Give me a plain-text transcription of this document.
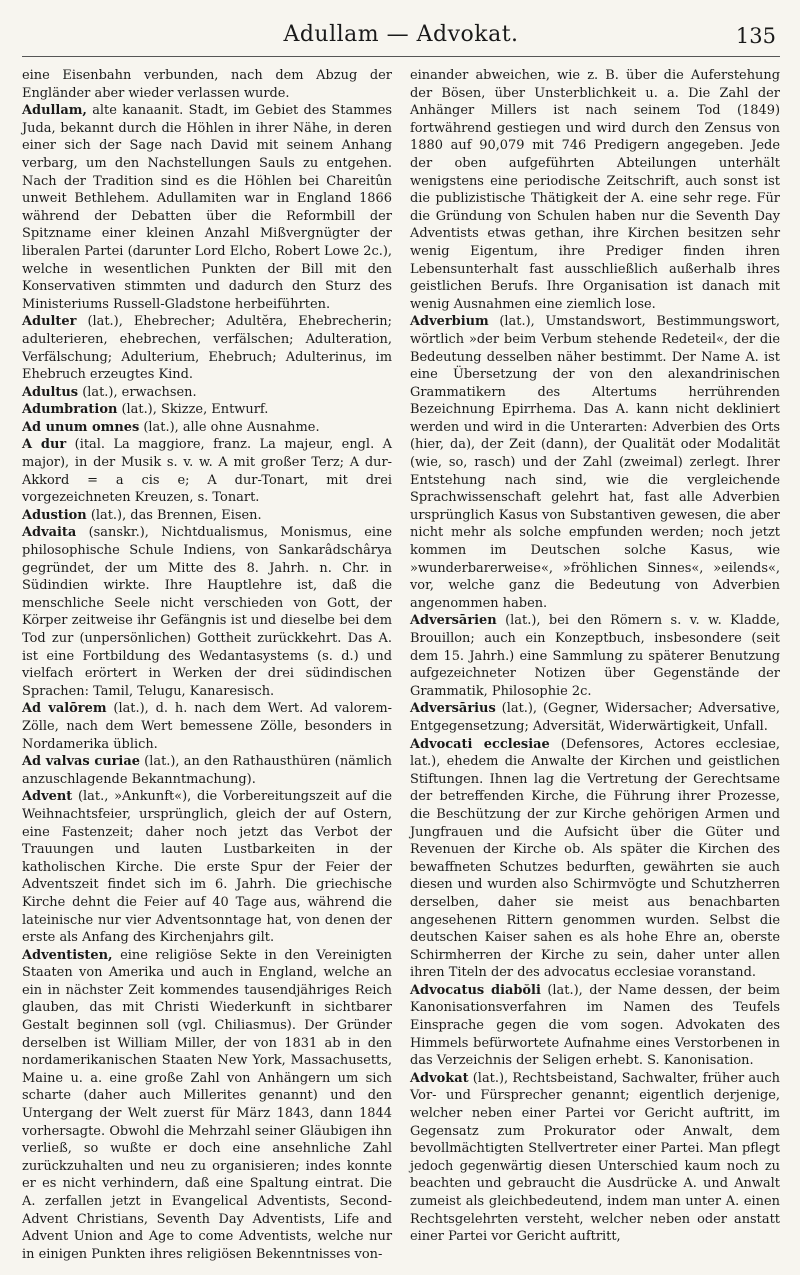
Adullam — Advokat.	135

eine Eisenbahn verbunden, nach dem Abzug der Engländer aber wieder verlassen wurde.

Adullam, alte kanaanit. Stadt, im Gebiet des Stammes Juda, bekannt durch die Höhlen in ihrer Nähe, in deren einer sich der Sage nach David mit seinem Anhang verbarg, um den Nachstellungen Sauls zu entgehen. Nach der Tradition sind es die Höhlen bei Chareitûn unweit Bethlehem. Adullamiten war in England 1866 während der Debatten über die Reformbill der Spitzname einer kleinen Anzahl Mißvergnügter der liberalen Partei (darunter Lord Elcho, Robert Lowe 2c.), welche in wesentlichen Punkten der Bill mit den Konservativen stimmten und dadurch den Sturz des Ministeriums Russell-Gladstone herbeiführten.

Adulter (lat.), Ehebrecher; Adultĕra, Ehebrecherin; adulterieren, ehebrechen, verfälschen; Adulteration, Verfälschung; Adulterium, Ehebruch; Adulterinus, im Ehebruch erzeugtes Kind.

Adultus (lat.), erwachsen.

Adumbration (lat.), Skizze, Entwurf.

Ad unum omnes (lat.), alle ohne Ausnahme.

A dur (ital. La maggiore, franz. La majeur, engl. A major), in der Musik s. v. w. A mit großer Terz; A dur-Akkord = a cis e; A dur-Tonart, mit drei vorgezeichneten Kreuzen, s. Tonart.

Adustion (lat.), das Brennen, Eisen.

Advaita (sanskr.), Nichtdualismus, Monismus, eine philosophische Schule Indiens, von Sankarâdschârya gegründet, der um Mitte des 8. Jahrh. n. Chr. in Südindien wirkte. Ihre Hauptlehre ist, daß die menschliche Seele nicht verschieden von Gott, der Körper zeitweise ihr Gefängnis ist und dieselbe bei dem Tod zur (unpersönlichen) Gottheit zurückkehrt. Das A. ist eine Fortbildung des Wedantasystems (s. d.) und vielfach erörtert in Werken der drei südindischen Sprachen: Tamil, Telugu, Kanaresisch.

Ad valōrem (lat.), d. h. nach dem Wert. Ad valorem-Zölle, nach dem Wert bemessene Zölle, besonders in Nordamerika üblich.

Ad valvas curiae (lat.), an den Rathausthüren (nämlich anzuschlagende Bekanntmachung).

Advent (lat., »Ankunft«), die Vorbereitungszeit auf die Weihnachtsfeier, ursprünglich, gleich der auf Ostern, eine Fastenzeit; daher noch jetzt das Verbot der Trauungen und lauten Lustbarkeiten in der katholischen Kirche. Die erste Spur der Feier der Adventszeit findet sich im 6. Jahrh. Die griechische Kirche dehnt die Feier auf 40 Tage aus, während die lateinische nur vier Adventsonntage hat, von denen der erste als Anfang des Kirchenjahrs gilt.

Adventisten, eine religiöse Sekte in den Vereinigten Staaten von Amerika und auch in England, welche an ein in nächster Zeit kommendes tausendjähriges Reich glauben, das mit Christi Wiederkunft in sichtbarer Gestalt beginnen soll (vgl. Chiliasmus). Der Gründer derselben ist William Miller, der von 1831 ab in den nordamerikanischen Staaten New York, Massachusetts, Maine u. a. eine große Zahl von Anhängern um sich scharte (daher auch Millerites genannt) und den Untergang der Welt zuerst für März 1843, dann 1844 vorhersagte. Obwohl die Mehrzahl seiner Gläubigen ihn verließ, so wußte er doch eine ansehnliche Zahl zurückzuhalten und neu zu organisieren; indes konnte er es nicht verhindern, daß eine Spaltung eintrat. Die A. zerfallen jetzt in Evangelical Adventists, Second-Advent Christians, Seventh Day Adventists, Life and Advent Union and Age to come Adventists, welche nur in einigen Punkten ihres religiösen Bekenntnisses von-

einander abweichen, wie z. B. über die Auferstehung der Bösen, über Unsterblichkeit u. a. Die Zahl der Anhänger Millers ist nach seinem Tod (1849) fortwährend gestiegen und wird durch den Zensus von 1880 auf 90,079 mit 746 Predigern angegeben. Jede der oben aufgeführten Abteilungen unterhält wenigstens eine periodische Zeitschrift, auch sonst ist die publizistische Thätigkeit der A. eine sehr rege. Für die Gründung von Schulen haben nur die Seventh Day Adventists etwas gethan, ihre Kirchen besitzen sehr wenig Eigentum, ihre Prediger finden ihren Lebensunterhalt fast ausschließlich außerhalb ihres geistlichen Berufs. Ihre Organisation ist danach mit wenig Ausnahmen eine ziemlich lose.

Adverbium (lat.), Umstandswort, Bestimmungswort, wörtlich »der beim Verbum stehende Redeteil«, der die Bedeutung desselben näher bestimmt. Der Name A. ist eine Übersetzung der von den alexandrinischen Grammatikern des Altertums herrührenden Bezeichnung Epirrhema. Das A. kann nicht dekliniert werden und wird in die Unterarten: Adverbien des Orts (hier, da), der Zeit (dann), der Qualität oder Modalität (wie, so, rasch) und der Zahl (zweimal) zerlegt. Ihrer Entstehung nach sind, wie die vergleichende Sprachwissenschaft gelehrt hat, fast alle Adverbien ursprünglich Kasus von Substantiven gewesen, die aber nicht mehr als solche empfunden werden; noch jetzt kommen im Deutschen solche Kasus, wie »wunderbarerweise«, »fröhlichen Sinnes«, »eilends«, vor, welche ganz die Bedeutung von Adverbien angenommen haben.

Adversārien (lat.), bei den Römern s. v. w. Kladde, Brouillon; auch ein Konzeptbuch, insbesondere (seit dem 15. Jahrh.) eine Sammlung zu späterer Benutzung aufgezeichneter Notizen über Gegenstände der Grammatik, Philosophie 2c.

Adversārius (lat.), (Gegner, Widersacher; Adversative, Entgegensetzung; Adversität, Widerwärtigkeit, Unfall.

Advocati ecclesiae (Defensores, Actores ecclesiae, lat.), ehedem die Anwalte der Kirchen und geistlichen Stiftungen. Ihnen lag die Vertretung der Gerechtsame der betreffenden Kirche, die Führung ihrer Prozesse, die Beschützung der zur Kirche gehörigen Armen und Jungfrauen und die Aufsicht über die Güter und Revenuen der Kirche ob. Als später die Kirchen des bewaffneten Schutzes bedurften, gewährten sie auch diesen und wurden also Schirmvögte und Schutzherren derselben, daher sie meist aus benachbarten angesehenen Rittern genommen wurden. Selbst die deutschen Kaiser sahen es als hohe Ehre an, oberste Schirmherren der Kirche zu sein, daher unter allen ihren Titeln der des advocatus ecclesiae voranstand.

Advocatus diabŏli (lat.), der Name dessen, der beim Kanonisationsverfahren im Namen des Teufels Einsprache gegen die vom sogen. Advokaten des Himmels befürwortete Aufnahme eines Verstorbenen in das Verzeichnis der Seligen erhebt. S. Kanonisation.

Advokat (lat.), Rechtsbeistand, Sachwalter, früher auch Vor- und Fürsprecher genannt; eigentlich derjenige, welcher neben einer Partei vor Gericht auftritt, im Gegensatz zum Prokurator oder Anwalt, dem bevollmächtigten Stellvertreter einer Partei. Man pflegt jedoch gegenwärtig diesen Unterschied kaum noch zu beachten und gebraucht die Ausdrücke A. und Anwalt zumeist als gleichbedeutend, indem man unter A. einen Rechtsgelehrten versteht, welcher neben oder anstatt einer Partei vor Gericht auftritt,
